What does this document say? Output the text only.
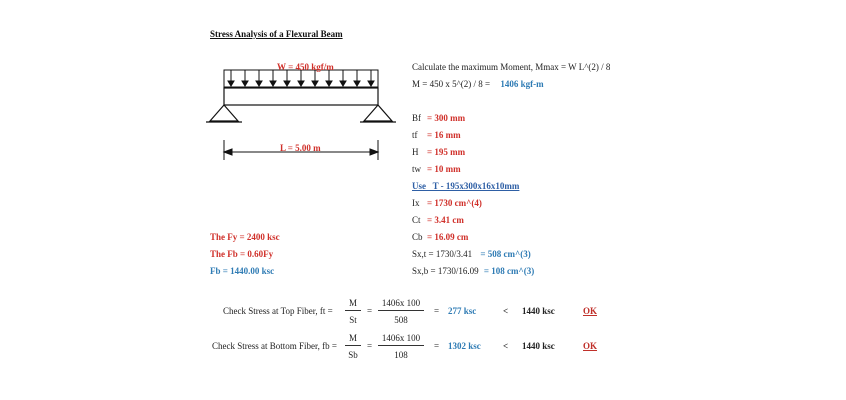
Stress Analysis of a Flexural Beam
W = 450 kgf/m
L = 5.00 m
Calculate the maximum Moment, Mmax = W L^(2) / 8
M = 450 x 5^(2) / 8 = 1406 kgf-m
Bf = 300 mm
tf = 16 mm
H = 195 mm
tw = 10 mm
Use   T - 195x300x16x10mm
Ix = 1730 cm^(4)
Ct = 3.41 cm
Cb = 16.09 cm
Sx,t = 1730/3.41 = 508 cm^(3)
Sx,b = 1730/16.09 = 108 cm^(3)
The Fy = 2400 ksc
The Fb = 0.60Fy
Fb = 1440.00 ksc
Check Stress at Top Fiber, ft =
M
St
=
1406x 100
508
= 277 ksc	< 1440 ksc	OK
Check Stress at Bottom Fiber, fb =
M
Sb
=
1406x 100
108
= 1302 ksc < 1440 ksc	OK
